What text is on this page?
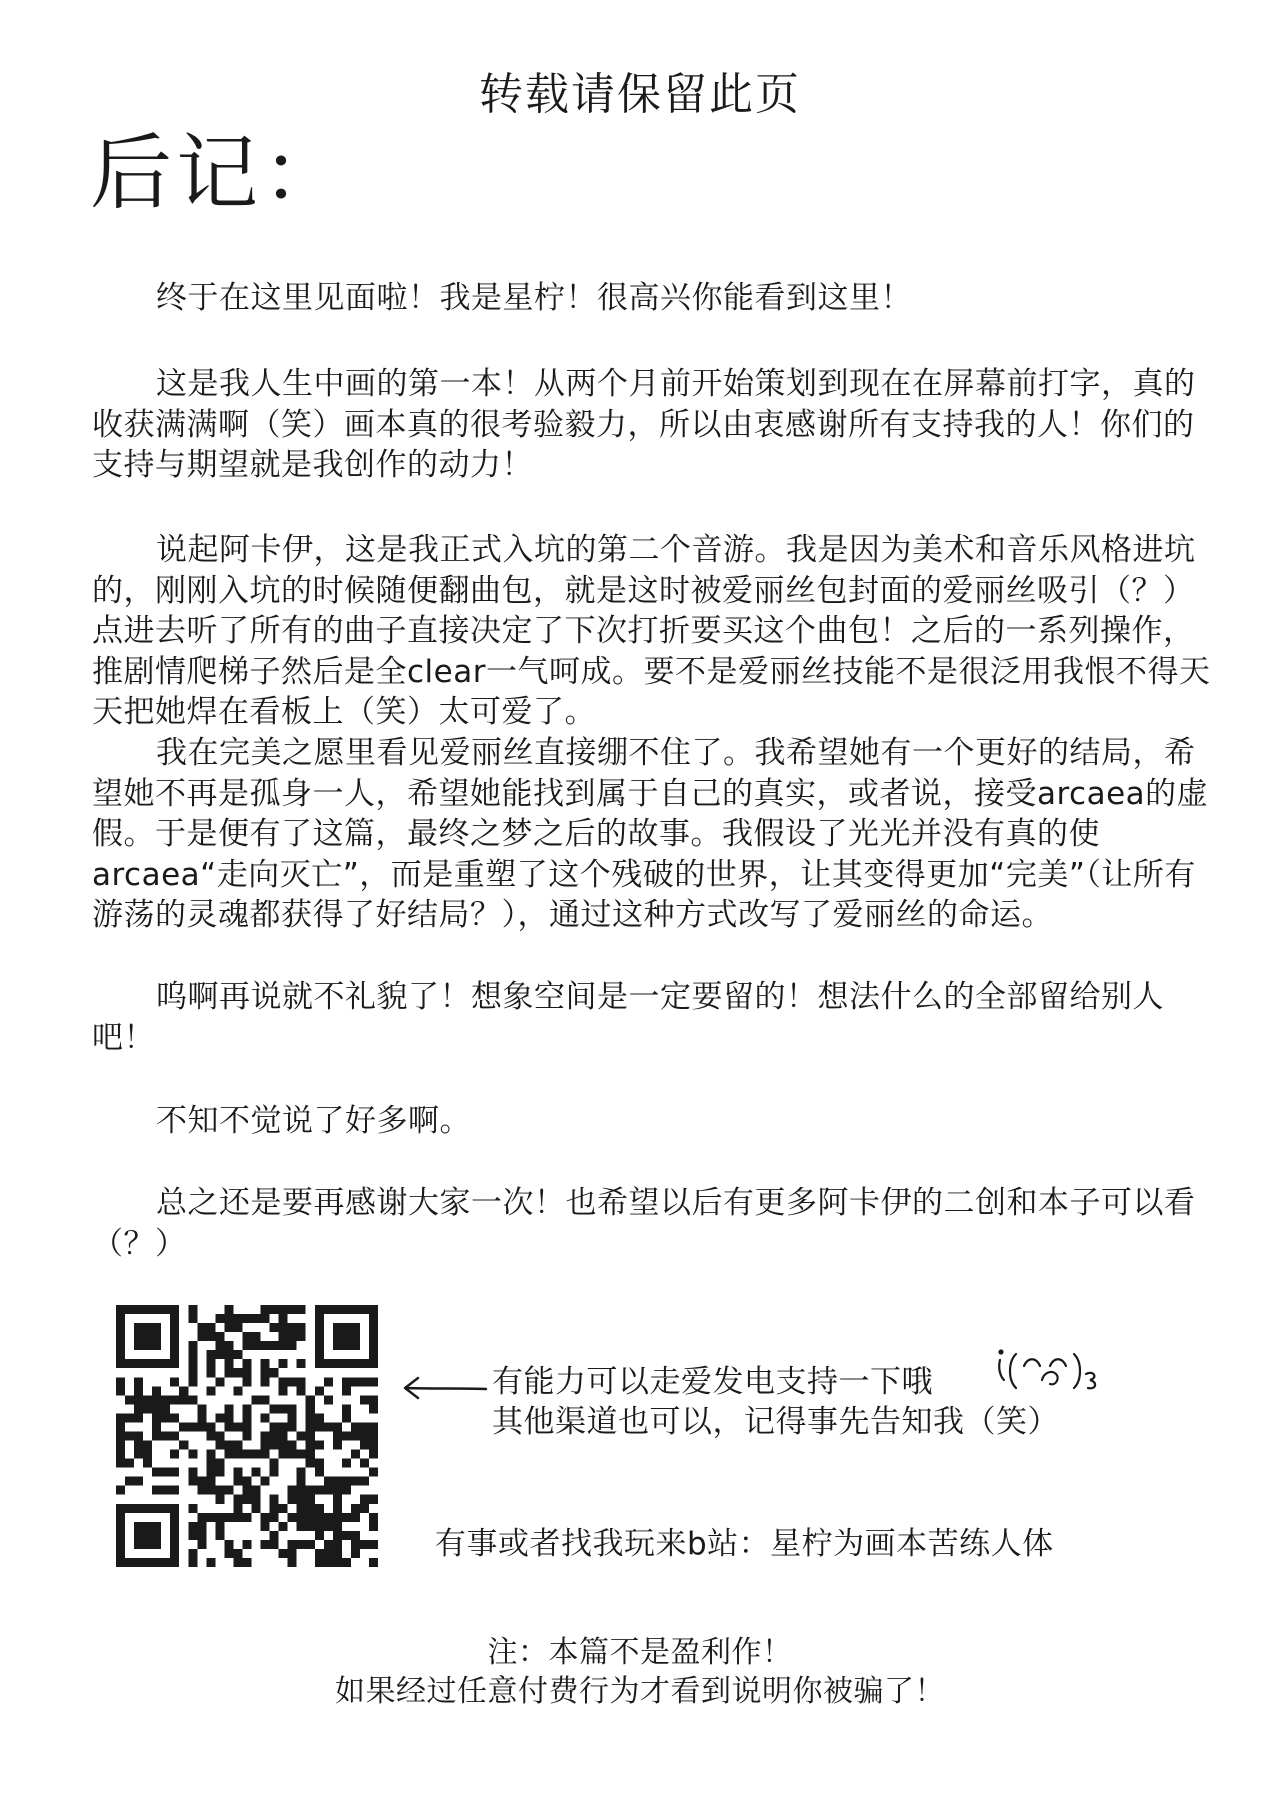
转载请保留此页
后记：

终于在这里见面啦！我是星柠！很高兴你能看到这里！

这是我人生中画的第一本！从两个月前开始策划到现在在屏幕前打字，真的收获满满啊（笑）画本真的很考验毅力，所以由衷感谢所有支持我的人！你们的支持与期望就是我创作的动力！

说起阿卡伊，这是我正式入坑的第二个音游。我是因为美术和音乐风格进坑的，刚刚入坑的时候随便翻曲包，就是这时被爱丽丝包封面的爱丽丝吸引（？）点进去听了所有的曲子直接决定了下次打折要买这个曲包！之后的一系列操作，推剧情爬梯子然后是全clear一气呵成。要不是爱丽丝技能不是很泛用我恨不得天天把她焊在看板上（笑）太可爱了。

我在完美之愿里看见爱丽丝直接绷不住了。我希望她有一个更好的结局，希望她不再是孤身一人，希望她能找到属于自己的真实，或者说，接受arcaea的虚假。于是便有了这篇，最终之梦之后的故事。我假设了光光并没有真的使arcaea“走向灭亡”，而是重塑了这个残破的世界，让其变得更加“完美”（让所有游荡的灵魂都获得了好结局？），通过这种方式改写了爱丽丝的命运。

呜啊再说就不礼貌了！想象空间是一定要留的！想法什么的全部留给别人吧！

不知不觉说了好多啊。

总之还是要再感谢大家一次！也希望以后有更多阿卡伊的二创和本子可以看（？）

有能力可以走爱发电支持一下哦
其他渠道也可以，记得事先告知我（笑）
有事或者找我玩来b站：星柠为画本苦练人体
注：本篇不是盈利作！
如果经过任意付费行为才看到说明你被骗了！
